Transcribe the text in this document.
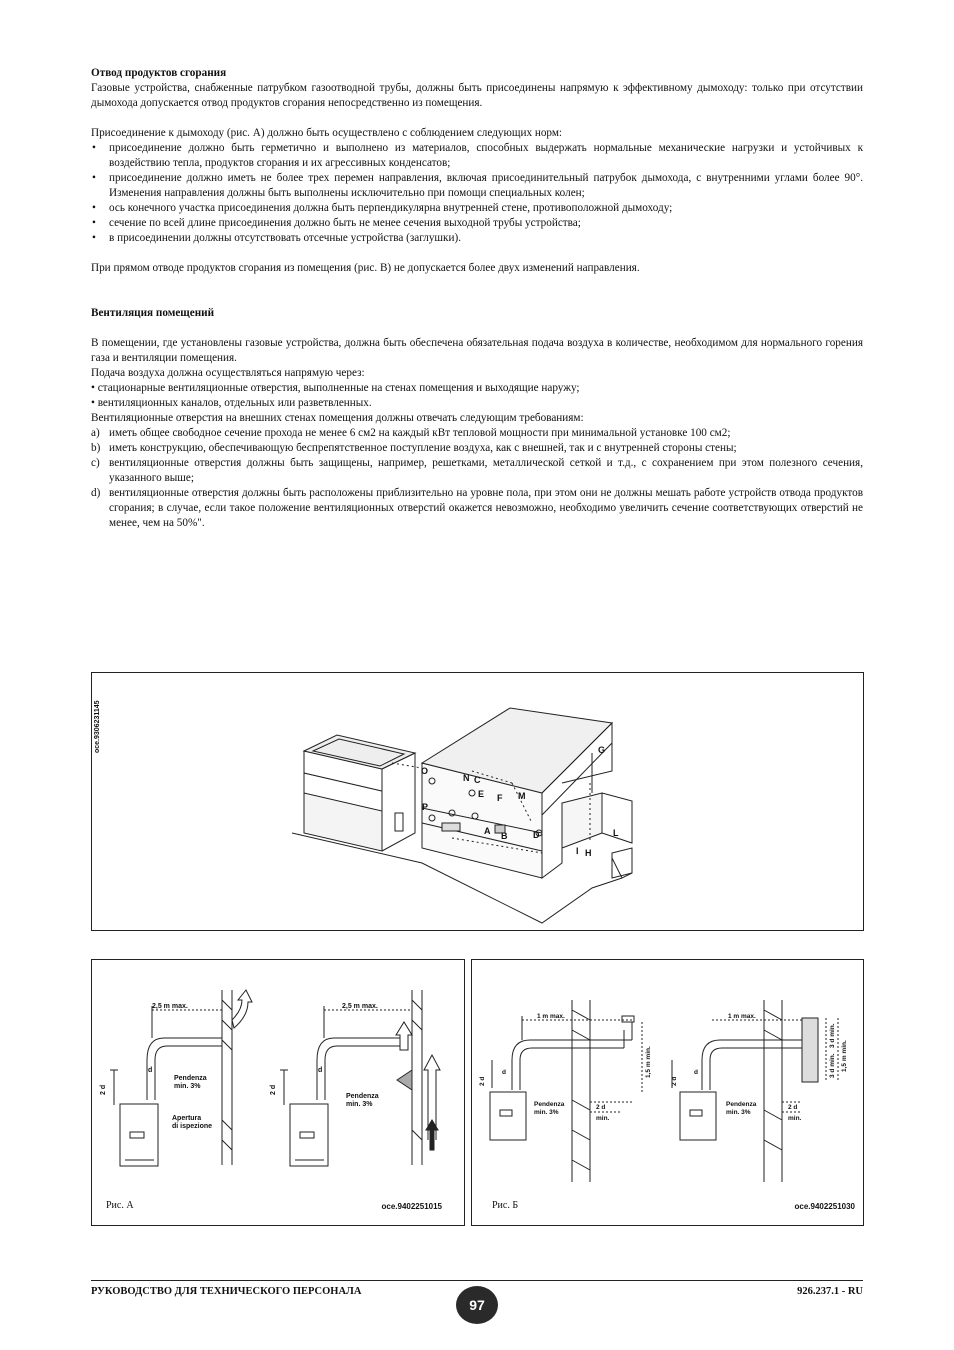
Отвод продуктов сгорания

Газовые устройства, снабженные патрубком газоотводной трубы, должны быть присоединены напрямую к эффективному дымоходу: только при отсутствии дымохода допускается отвод продуктов сгорания непосредственно из помещения.

Присоединение к дымоходу (рис. A) должно быть осуществлено с соблюдением следующих норм:

• присоединение должно быть герметично и выполнено из материалов, способных выдержать нормальные механические нагрузки и устойчивых к воздействию тепла, продуктов сгорания и их агрессивных конденсатов;
• присоединение должно иметь не более трех перемен направления, включая присоединительный патрубок дымохода, с внутренними углами более 90°. Изменения направления должны быть выполнены исключительно при помощи специальных колен;
• ось конечного участка присоединения должна быть перпендикулярна внутренней стене, противоположной дымоходу;
• сечение по всей длине присоединения должно быть не менее сечения выходной трубы устройства;
• в присоединении должны отсутствовать отсечные устройства (заглушки).

При прямом отводе продуктов сгорания из помещения (рис. B) не допускается более двух изменений направления.

Вентиляция помещений

В помещении, где установлены газовые устройства, должна быть обеспечена обязательная подача воздуха в количестве, необходимом для нормального горения газа и вентиляции помещения.

Подача воздуха должна осуществляться напрямую через:

• стационарные вентиляционные отверстия, выполненные на стенах помещения и выходящие наружу;

• вентиляционных каналов, отдельных или разветвленных.

Вентиляционные отверстия на внешних стенах помещения должны отвечать следующим требованиям:

a) иметь общее свободное сечение прохода не менее 6 см2 на каждый кВт тепловой мощности при минимальной установке 100 см2;
b) иметь конструкцию, обеспечивающую беспрепятственное поступление воздуха, как с внешней, так и с внутренней стороны стены;
c) вентиляционные отверстия должны быть защищены, например, решетками, металлической сеткой и т.д., с сохранением при этом полезного сечения, указанного выше;
d) вентиляционные отверстия должны быть расположены приблизительно на уровне пола, при этом они не должны мешать работе устройств отвода продуктов сгорания; в случае, если такое положение вентиляционных отверстий окажется невозможно, необходимо увеличить сечение соответствующих отверстий не менее, чем на 50%".
oce.9306231145
O
N C
E F M
P
A B	D
G
I H
L
2,5 m max.	2,5 m max.
Pendenza
min. 3%
Pendenza
min. 3%
Apertura
di ispezione
2 d	2 d
d	d
Рис. A	oce.9402251015
1 m max.	1 m max.
1,5 m min.	1,5 m min.
3 d min.
3 d min.
Pendenza
min. 3%
Pendenza
min. 3%
2 d
min.
2 d
min.
2 d	2 d
d	d
Рис. Б	oce.9402251030
РУКОВОДСТВО ДЛЯ ТЕХНИЧЕСКОГО ПЕРСОНАЛА
97
926.237.1 - RU
